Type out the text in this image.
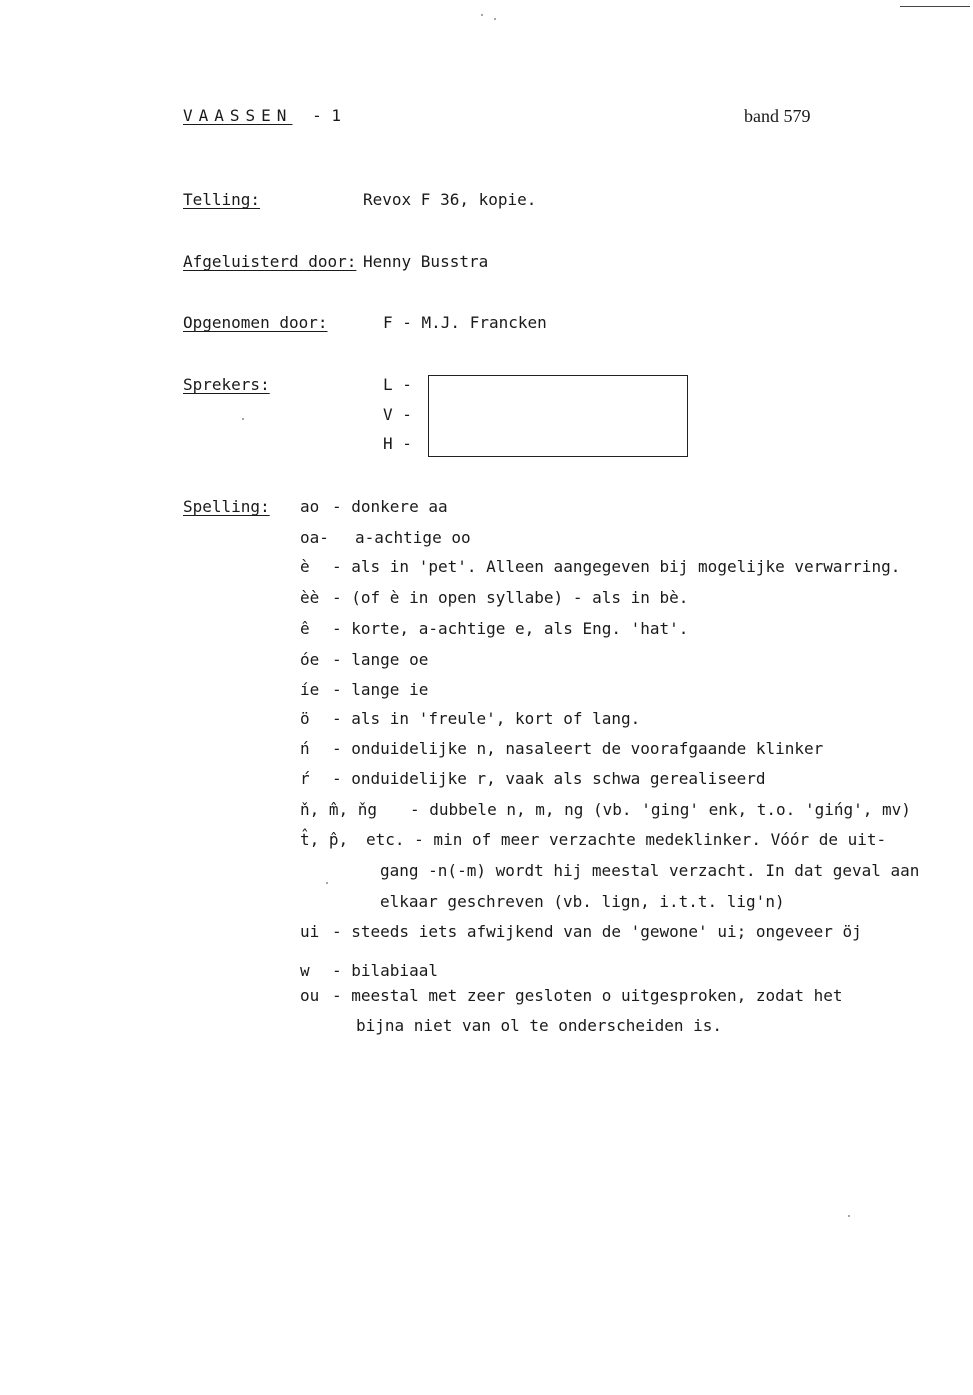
VAASSEN - 1	band 579
Telling:	Revox F 36, kopie.
Afgeluisterd door: Henny Busstra
Opgenomen door:	F - M.J. Francken
Sprekers:	L -
V -
H -
Spelling: ao - donkere aa
oa- a-achtige oo
è - als in 'pet'. Alleen aangegeven bij mogelijke verwarring.
èè - (of è in open syllabe) - als in bè.
ê - korte, a-achtige e, als Eng. 'hat'.
óe - lange oe
íe - lange ie
ö - als in 'freule', kort of lang.
ń - onduidelijke n, nasaleert de voorafgaande klinker
ŕ - onduidelijke r, vaak als schwa gerealiseerd
ň, m̂, ňg - dubbele n, m, ng (vb. 'ging' enk, t.o. 'gińg', mv)
t̂, p̂, etc. - min of meer verzachte medeklinker. Vóór de uit-
gang -n(-m) wordt hij meestal verzacht. In dat geval aan
elkaar geschreven (vb. lign, i.t.t. lig'n)
ui - steeds iets afwijkend van de 'gewone' ui; ongeveer öj
w - bilabiaal
ou - meestal met zeer gesloten o uitgesproken, zodat het
bijna niet van ol te onderscheiden is.
